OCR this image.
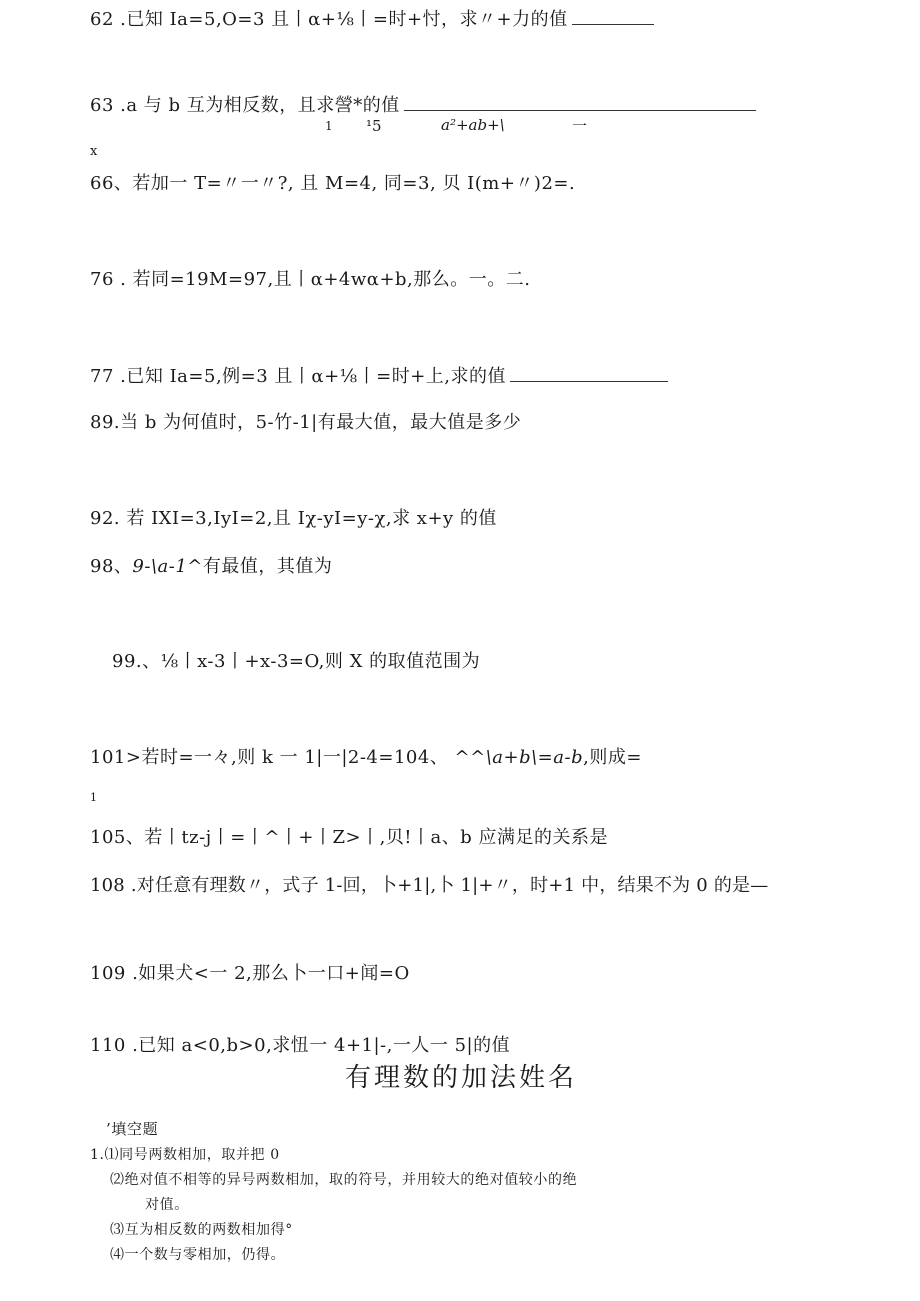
62 .已知 Ia=5,O=3 且丨α+⅛丨=时+忖，求〃+力的值
63 .a 与 b 互为相反数，且求謍*的值
1 ¹5	a²+ab+\	一
x
66、若加一 T=〃一〃?, 且 M=4, 同=3, 贝 I(m+〃)2=.
76 . 若同=19M=97,且丨α+4wα+b,那么。一。二.
77 .已知 Ia=5,例=3 且丨α+⅛丨=时+上,求的值
89.当 b 为何值时，5-竹-1|有最大值，最大值是多少
92. 若 IXI=3,IyI=2,且 Iχ-yI=y-χ,求 x+y 的值
98、9-\a-1^有最值，其值为
99.、⅛丨x-3丨+x-3=O,则 X 的取值范围为
101>若时=一々,则 k 一 1|一|2-4=104、 ^^\a+b\=a-b,则成=
1
105、若丨tz-j丨=丨^丨+丨Z>丨,贝!丨a、b 应满足的关系是
108 .对任意有理数〃，式子 1-回，卜+1|,卜 1|+〃，时+1 中，结果不为 0 的是—
109 .如果犬<一 2,那么卜一口+闻=O
110 .已知 a<0,b>0,求忸一 4+1|-,一人一 5|的值
有理数的加法姓名
’填空题
1.⑴同号两数相加，取并把 0
⑵绝对值不相等的异号两数相加，取的符号，并用较大的绝对值较小的绝
对值。
⑶互为相反数的两数相加得°
⑷一个数与零相加，仍得。
